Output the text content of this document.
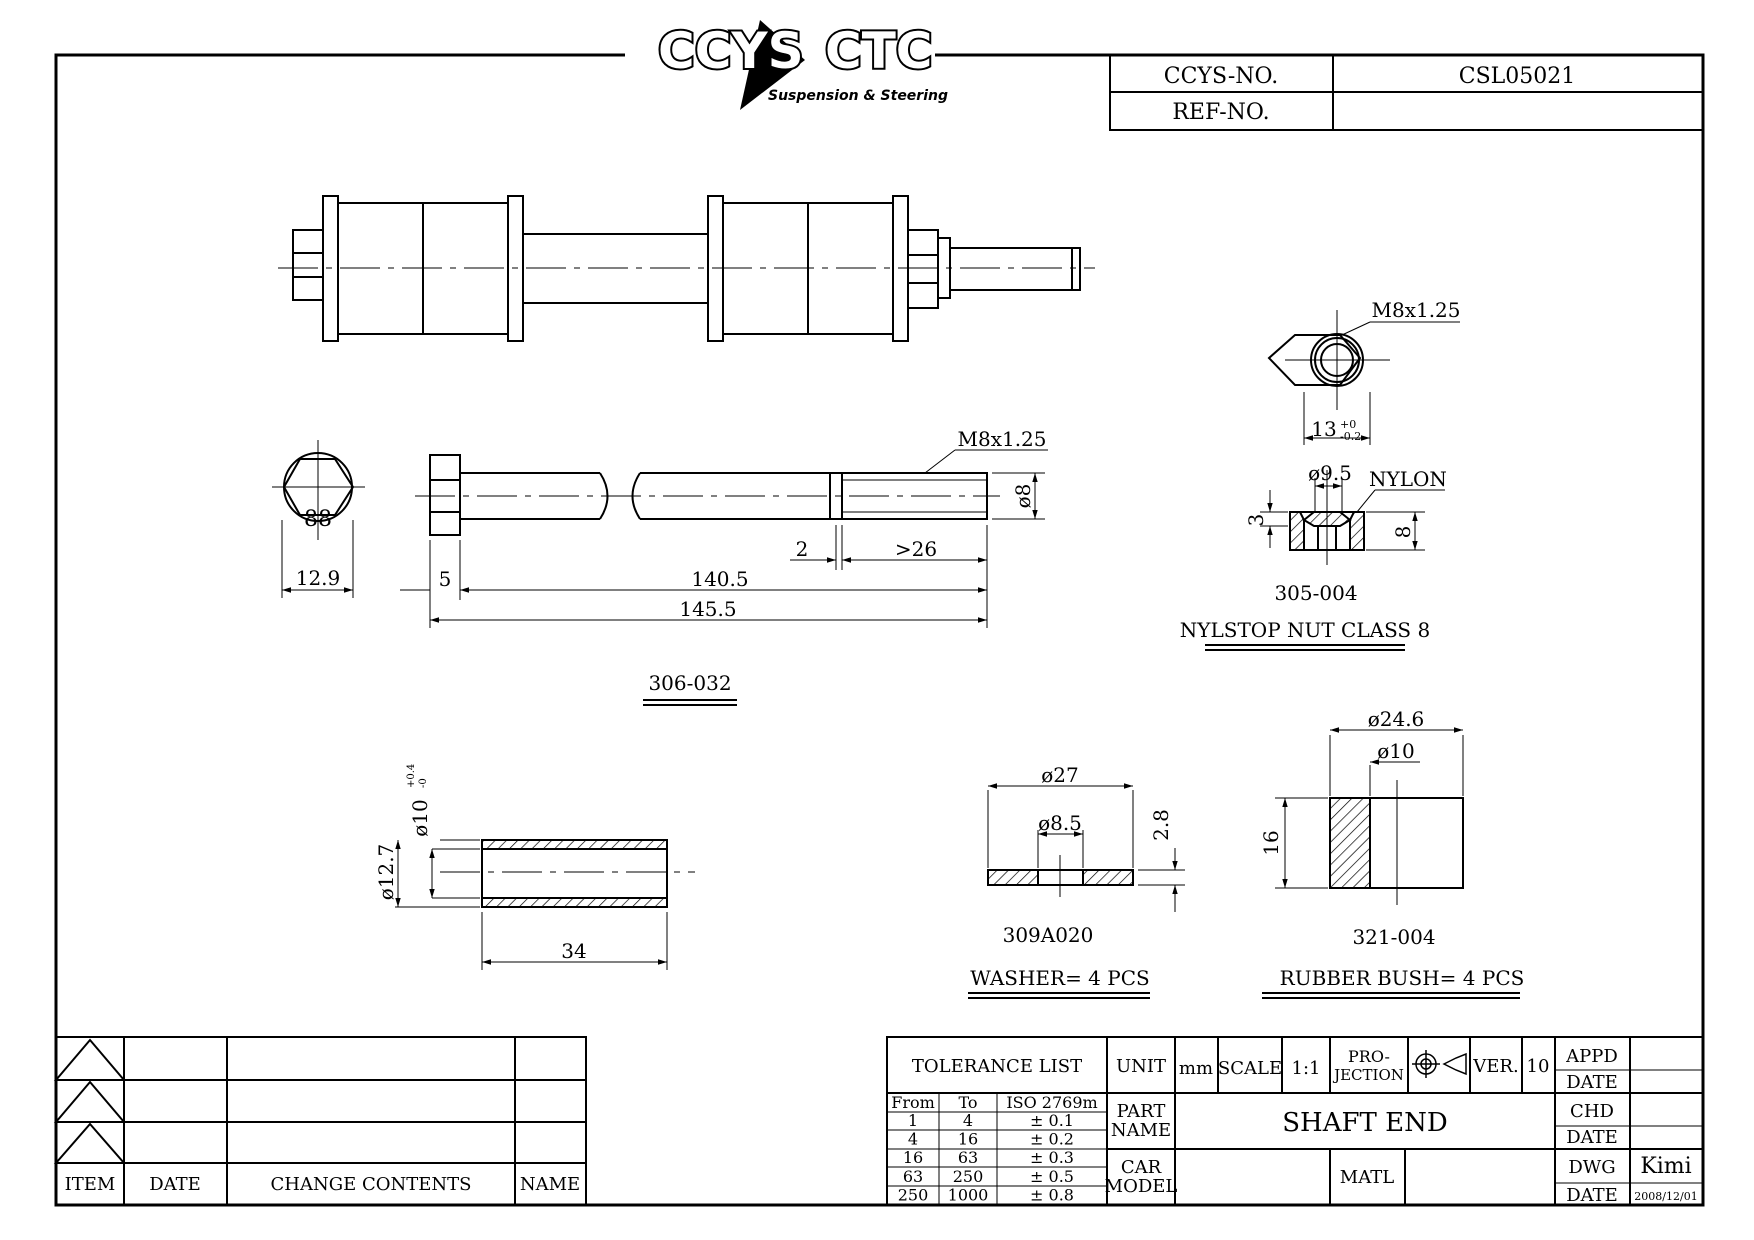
CCYS CTC
Suspension & Steering
CCYS-NO.	CSL05021
REF-NO.
88
12.9
M8x1.25
ø8
5	140.5
145.5
2	>26
306-032
M8x1.25
13 +0
-0.2
ø9.5 NYLON
3
8
305-004
NYLSTOP NUT CLASS 8
ø10
+0.4 -0
ø12.7
34
ø27
ø8.5	2.8
309A020
WASHER= 4 PCS
ø24.6
ø10
16
321-004
RUBBER BUSH= 4 PCS
ITEM DATE	CHANGE CONTENTS	NAME
TOLERANCE LIST
From To ISO 2769m
1	4	± 0.1
4 16	± 0.2
16 63	± 0.3
63 250	± 0.5
250 1000	± 0.8
UNIT mm SCALE 1:1
PRO-
JECTION	VER. 10
PART
NAME	SHAFT END
CAR
MODEL	MATL
APPD
DATE
CHD
DATE
DWG Kimi
DATE 2008/12/01
